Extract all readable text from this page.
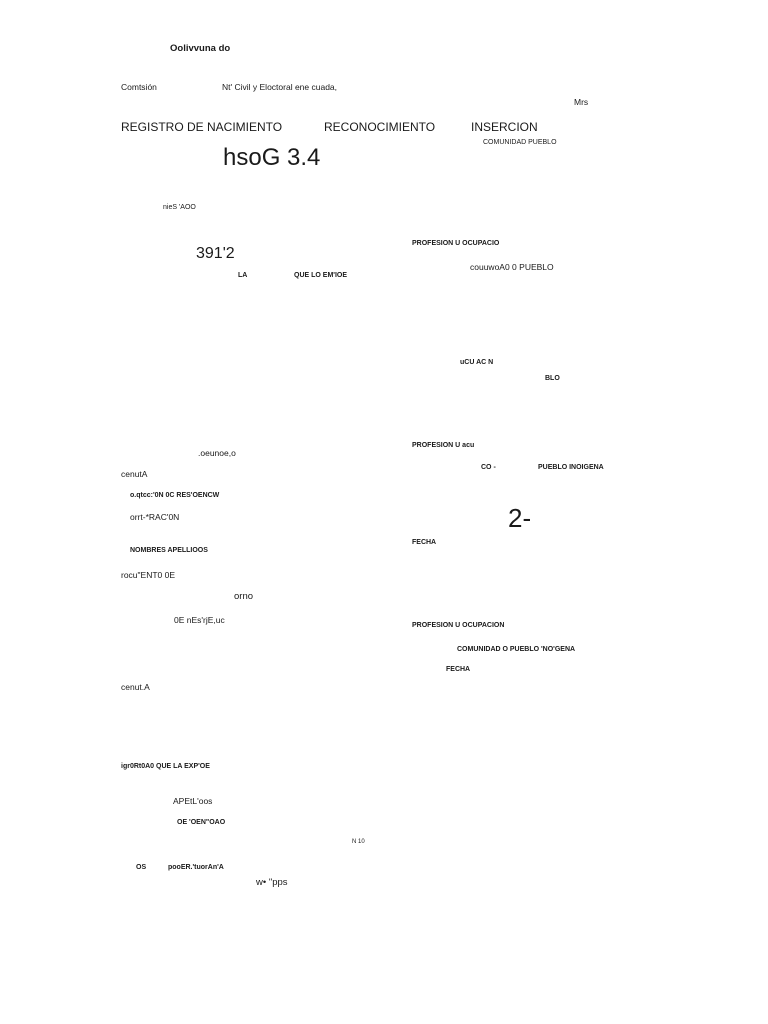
Oolivvuna do
Comtsión	Nt' Civil y Eloctoral ene cuada,
Mrs
REGISTRO DE NACIMIENTO	RECONOCIMIENTO	INSERCION
COMUNIDAD PUEBLO
hsoG 3.4
nieS 'AOO
391'2
LA	QUE LO EM'IOE
PROFESION U OCUPACIO
couuwoA0 0 PUEBLO
uCU AC N
BLO
PROFESION U acu
CO -	PUEBLO INOIGENA
2-
FECHA
PROFESION U OCUPACION
COMUNIDAD O PUEBLO 'NO'GENA
FECHA
.oeunoe,o
cenutA
o.qtcc:'0N 0C RES'OENCW
orrt-*RAC'0N
NOMBRES APELLIOOS
rocu"ENT0 0E
orno
0E nEs'rjE,uc
cenut.A
igr0Rt0A0 QUE LA EXP'OE
APEtL'oos
OE 'OEN"OAO
N 10
OS	pooER.'tuorAn'A
w• "pps
